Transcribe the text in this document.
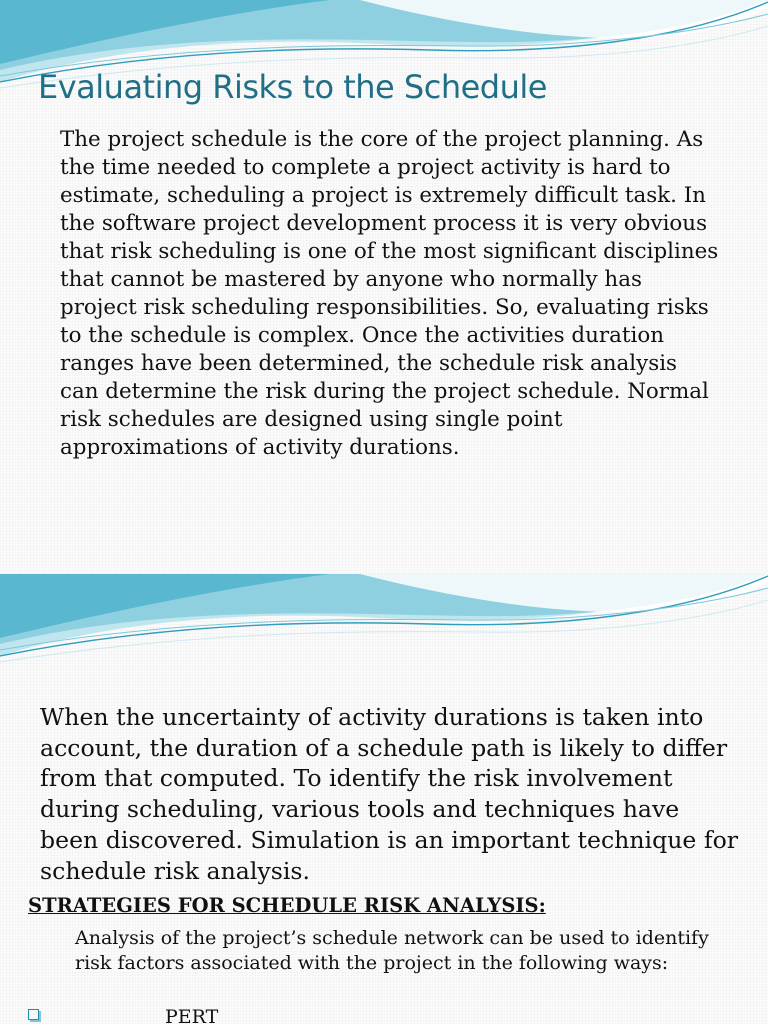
Evaluating Risks to the Schedule

The project schedule is the core of the project planning. As the time needed to complete a project activity is hard to estimate, scheduling a project is extremely difficult task. In the software project development process it is very obvious that risk scheduling is one of the most significant disciplines that cannot be mastered by anyone who normally has project risk scheduling responsibilities. So, evaluating risks to the schedule is complex. Once the activities duration ranges have been determined, the schedule risk analysis can determine the risk during the project schedule. Normal risk schedules are designed using single point approximations of activity durations.

When the uncertainty of activity durations is taken into account, the duration of a schedule path is likely to differ from that computed. To identify the risk involvement during scheduling, various tools and techniques have been discovered. Simulation is an important technique for schedule risk analysis.

STRATEGIES FOR SCHEDULE RISK ANALYSIS:

Analysis of the project’s schedule network can be used to identify risk factors associated with the project in the following ways:

PERT
